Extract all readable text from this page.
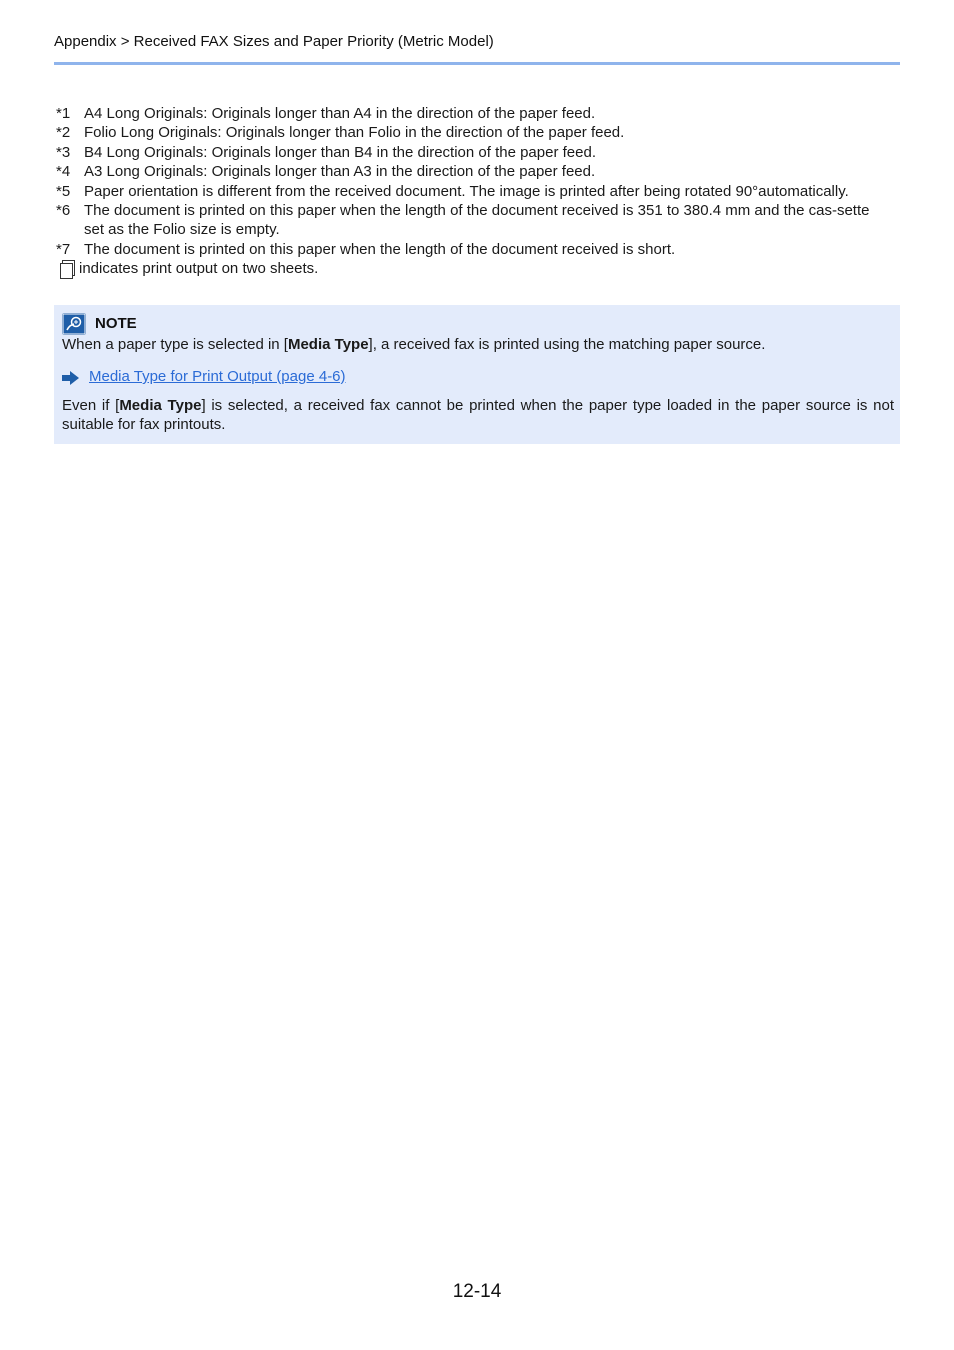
Appendix > Received FAX Sizes and Paper Priority (Metric Model)
*1 A4 Long Originals: Originals longer than A4 in the direction of the paper feed.
*2 Folio Long Originals: Originals longer than Folio in the direction of the paper feed.
*3 B4 Long Originals: Originals longer than B4 in the direction of the paper feed.
*4 A3 Long Originals: Originals longer than A3 in the direction of the paper feed.
*5 Paper orientation is different from the received document. The image is printed after being rotated 90°automatically.
*6 The document is printed on this paper when the length of the document received is 351 to 380.4 mm and the cas-sette set as the Folio size is empty.
*7 The document is printed on this paper when the length of the document received is short.
indicates print output on two sheets.
NOTE
When a paper type is selected in [Media Type], a received fax is printed using the matching paper source.
Media Type for Print Output (page 4-6)
Even if [Media Type] is selected, a received fax cannot be printed when the paper type loaded in the paper source is not suitable for fax printouts.
12-14
